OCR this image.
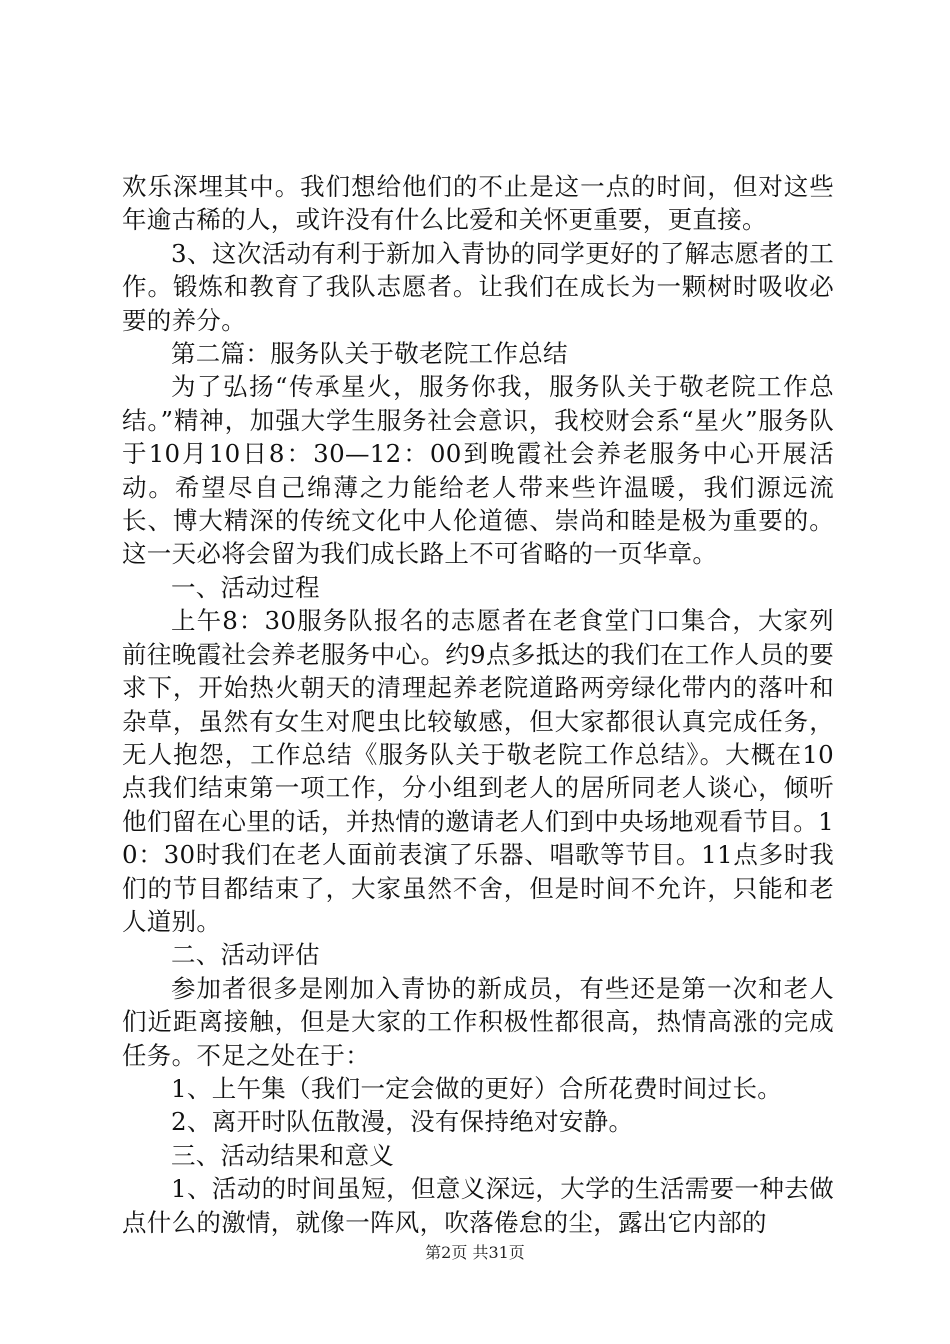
欢乐深埋其中。我们想给他们的不止是这一点的时间，但对这些年逾古稀的人，或许没有什么比爱和关怀更重要，更直接。

3、这次活动有利于新加入青协的同学更好的了解志愿者的工作。锻炼和教育了我队志愿者。让我们在成长为一颗树时吸收必要的养分。

第二篇：服务队关于敬老院工作总结

为了弘扬“传承星火，服务你我，服务队关于敬老院工作总结。”精神，加强大学生服务社会意识，我校财会系“星火”服务队于10月10日8：30—12：00到晚霞社会养老服务中心开展活动。希望尽自己绵薄之力能给老人带来些许温暖，我们源远流长、博大精深的传统文化中人伦道德、崇尚和睦是极为重要的。这一天必将会留为我们成长路上不可省略的一页华章。

一、活动过程

上午8：30服务队报名的志愿者在老食堂门口集合，大家列前往晚霞社会养老服务中心。约9点多抵达的我们在工作人员的要求下，开始热火朝天的清理起养老院道路两旁绿化带内的落叶和杂草，虽然有女生对爬虫比较敏感，但大家都很认真完成任务，无人抱怨，工作总结《服务队关于敬老院工作总结》。大概在10点我们结束第一项工作，分小组到老人的居所同老人谈心，倾听他们留在心里的话，并热情的邀请老人们到中央场地观看节目。10：30时我们在老人面前表演了乐器、唱歌等节目。11点多时我们的节目都结束了，大家虽然不舍，但是时间不允许，只能和老人道别。

二、活动评估

参加者很多是刚加入青协的新成员，有些还是第一次和老人们近距离接触，但是大家的工作积极性都很高，热情高涨的完成任务。不足之处在于：

1、上午集（我们一定会做的更好）合所花费时间过长。

2、离开时队伍散漫，没有保持绝对安静。

三、活动结果和意义

1、活动的时间虽短，但意义深远，大学的生活需要一种去做点什么的激情，就像一阵风，吹落倦怠的尘，露出它内部的

第2页 共31页
